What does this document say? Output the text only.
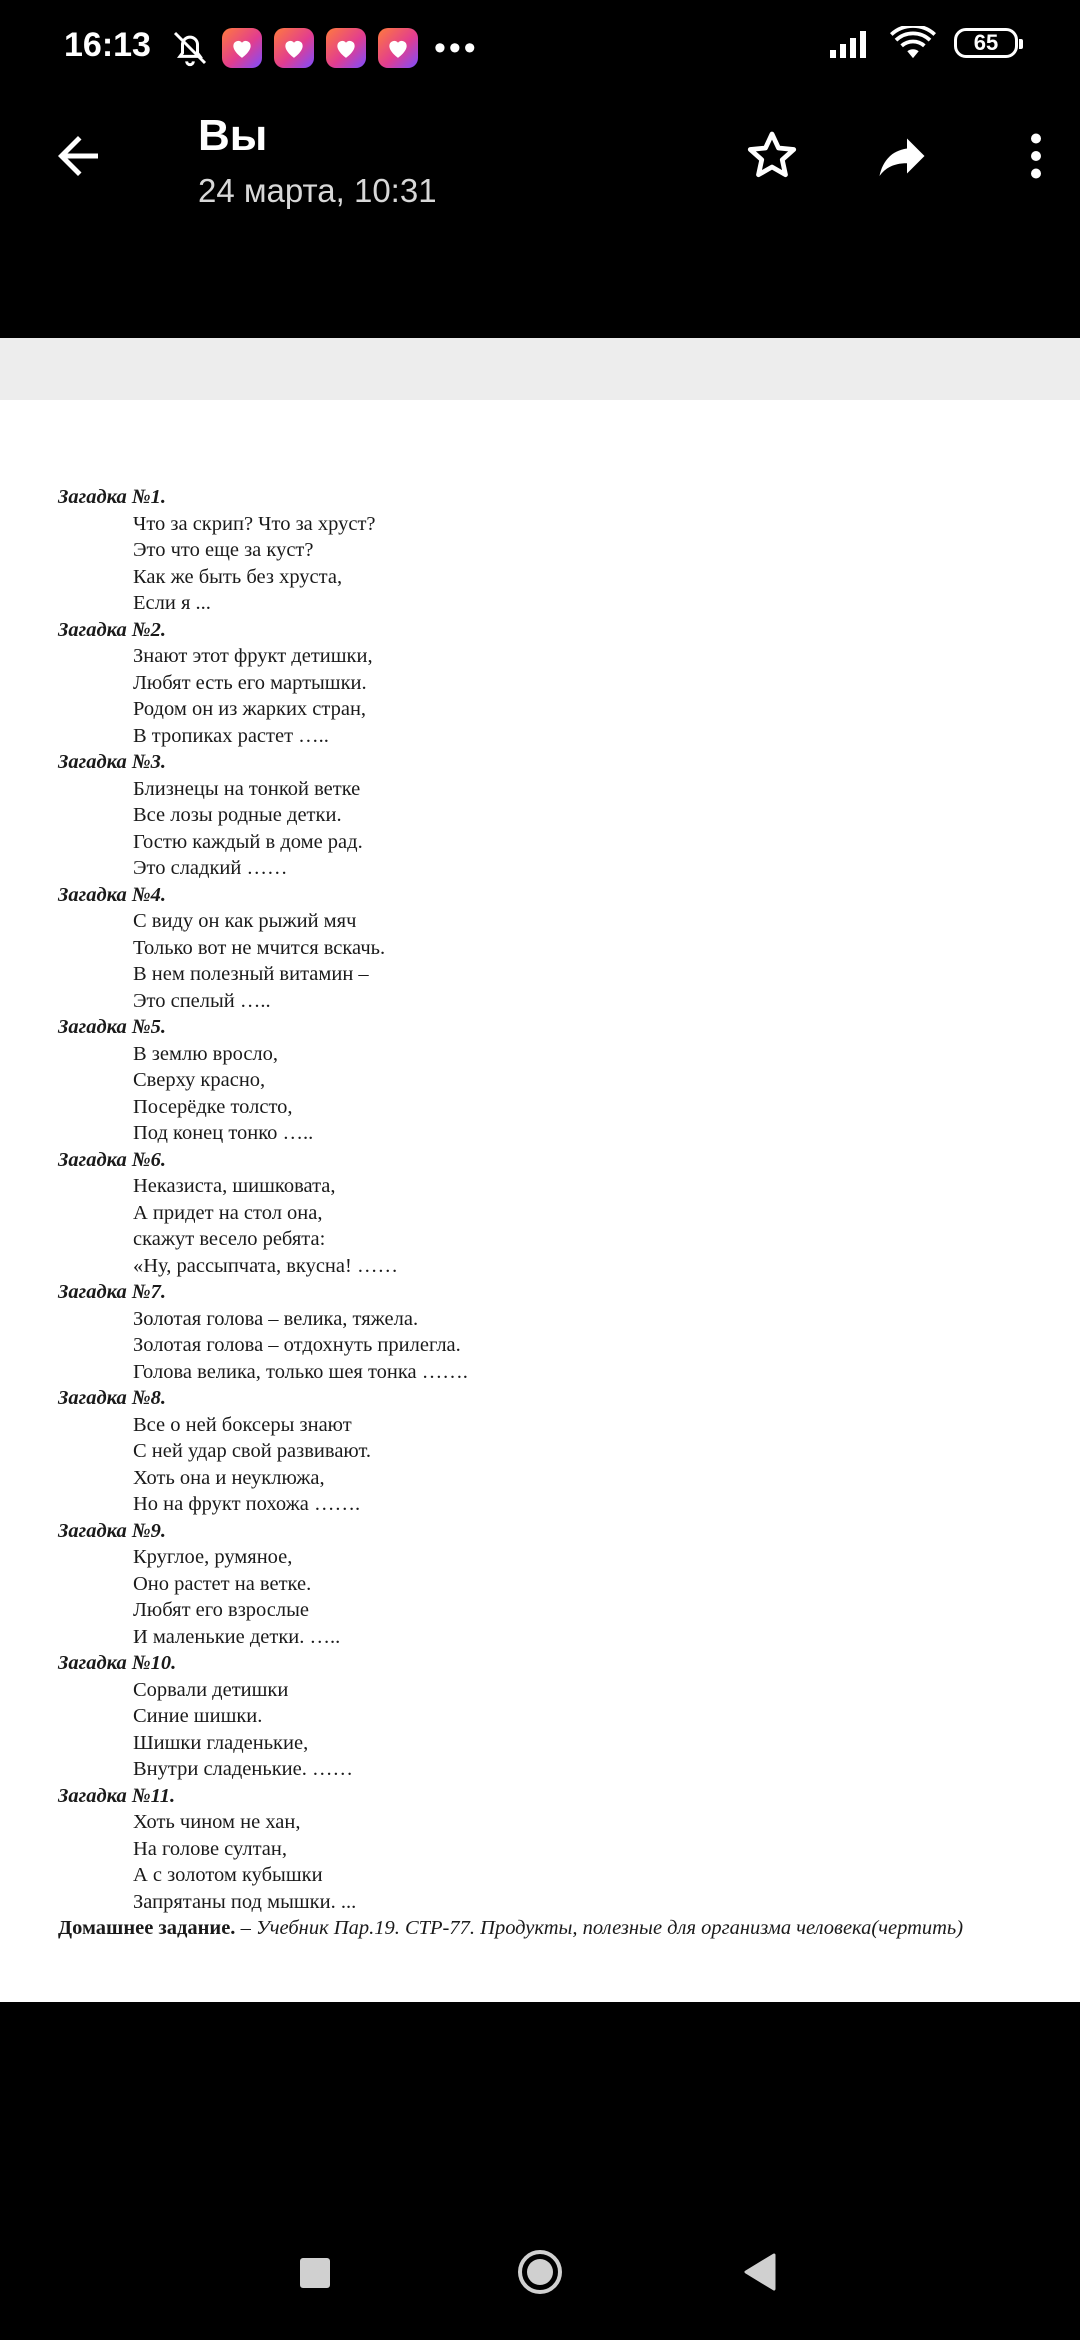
16:13	•••	65

Вы

24 марта, 10:31
Загадка №1.
Что за скрип? Что за хруст?
Это что еще за куст?
Как же быть без хруста,
Если я ...
Загадка №2.
Знают этот фрукт детишки,
Любят есть его мартышки.
Родом он из жарких стран,
В тропиках растет …..
Загадка №3.
Близнецы на тонкой ветке
Все лозы родные детки.
Гостю каждый в доме рад.
Это сладкий ……
Загадка №4.
С виду он как рыжий мяч
Только вот не мчится вскачь.
В нем полезный витамин –
Это спелый …..
Загадка №5.
В землю вросло,
Сверху красно,
Посерёдке толсто,
Под конец тонко …..
Загадка №6.
Неказиста, шишковата,
А придет на стол она,
скажут весело ребята:
«Ну, рассыпчата, вкусна! ……
Загадка №7.
Золотая голова – велика, тяжела.
Золотая голова – отдохнуть прилегла.
Голова велика, только шея тонка …….
Загадка №8.
Все о ней боксеры знают
С ней удар свой развивают.
Хоть она и неуклюжа,
Но на фрукт похожа …….
Загадка №9.
Круглое, румяное,
Оно растет на ветке.
Любят его взрослые
И маленькие детки. …..
Загадка №10.
Сорвали детишки
Синие шишки.
Шишки гладенькие,
Внутри сладенькие. ……
Загадка №11.
Хоть чином не хан,
На голове султан,
А с золотом кубышки
Запрятаны под мышки. ...
Домашнее задание. – Учебник Пар.19. СТР-77. Продукты, полезные для организма человека(чертить)
